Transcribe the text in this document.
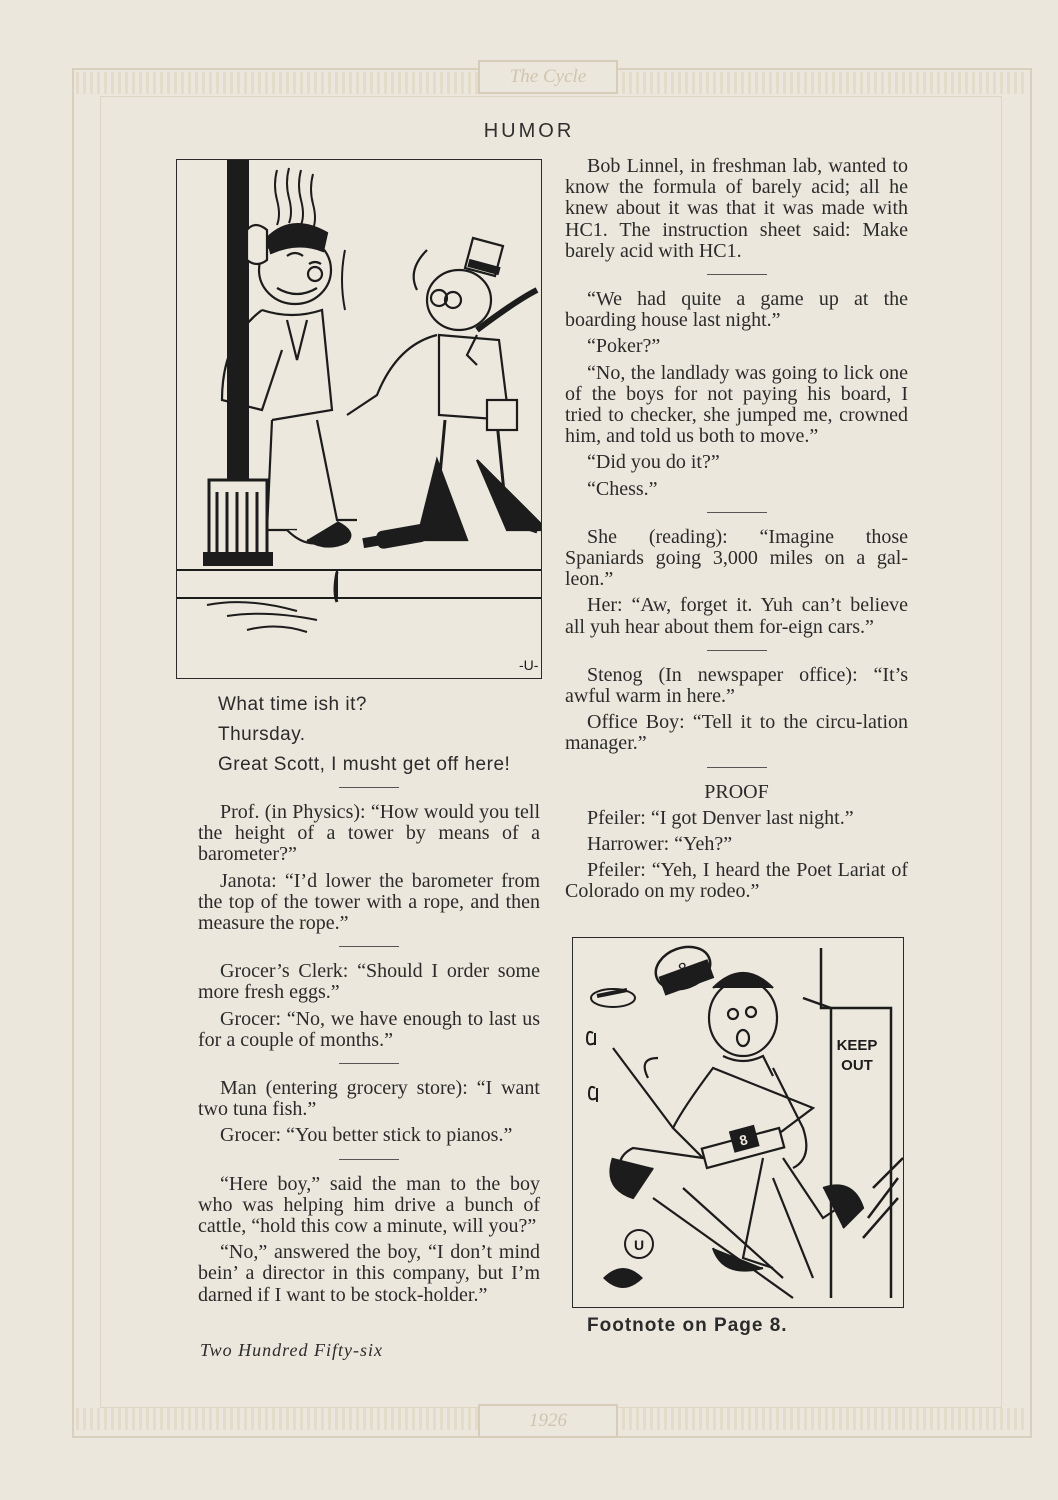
The Cycle
1926
HUMOR
-U-

What time ish it?

Thursday.

Great Scott, I musht get off here!

Prof. (in Physics): “How would you tell the height of a tower by means of a barometer?”

Janota: “I’d lower the barometer from the top of the tower with a rope, and then measure the rope.”

Grocer’s Clerk: “Should I order some more fresh eggs.”

Grocer: “No, we have enough to last us for a couple of months.”

Man (entering grocery store): “I want two tuna fish.”

Grocer: “You better stick to pianos.”

“Here boy,” said the man to the boy who was helping him drive a bunch of cattle, “hold this cow a minute, will you?”

“No,” answered the boy, “I don’t mind bein’ a director in this company, but I’m darned if I want to be stock-holder.”

Two Hundred Fifty-six

Bob Linnel, in freshman lab, wanted to know the formula of barely acid; all he knew about it was that it was made with HC1. The instruction sheet said: Make barely acid with HC1.

“We had quite a game up at the boarding house last night.”

“Poker?”

“No, the landlady was going to lick one of the boys for not paying his board, I tried to checker, she jumped me, crowned him, and told us both to move.”

“Did you do it?”

“Chess.”

She (reading): “Imagine those Spaniards going 3,000 miles on a gal-leon.”

Her: “Aw, forget it. Yuh can’t believe all yuh hear about them for-eign cars.”

Stenog (In newspaper office): “It’s awful warm in here.”

Office Boy: “Tell it to the circu-lation manager.”

PROOF

Pfeiler: “I got Denver last night.”

Harrower: “Yeh?”

Pfeiler: “Yeh, I heard the Poet Lariat of Colorado on my rodeo.”

KEEP
OUT
8
8
U
Footnote on Page 8.
